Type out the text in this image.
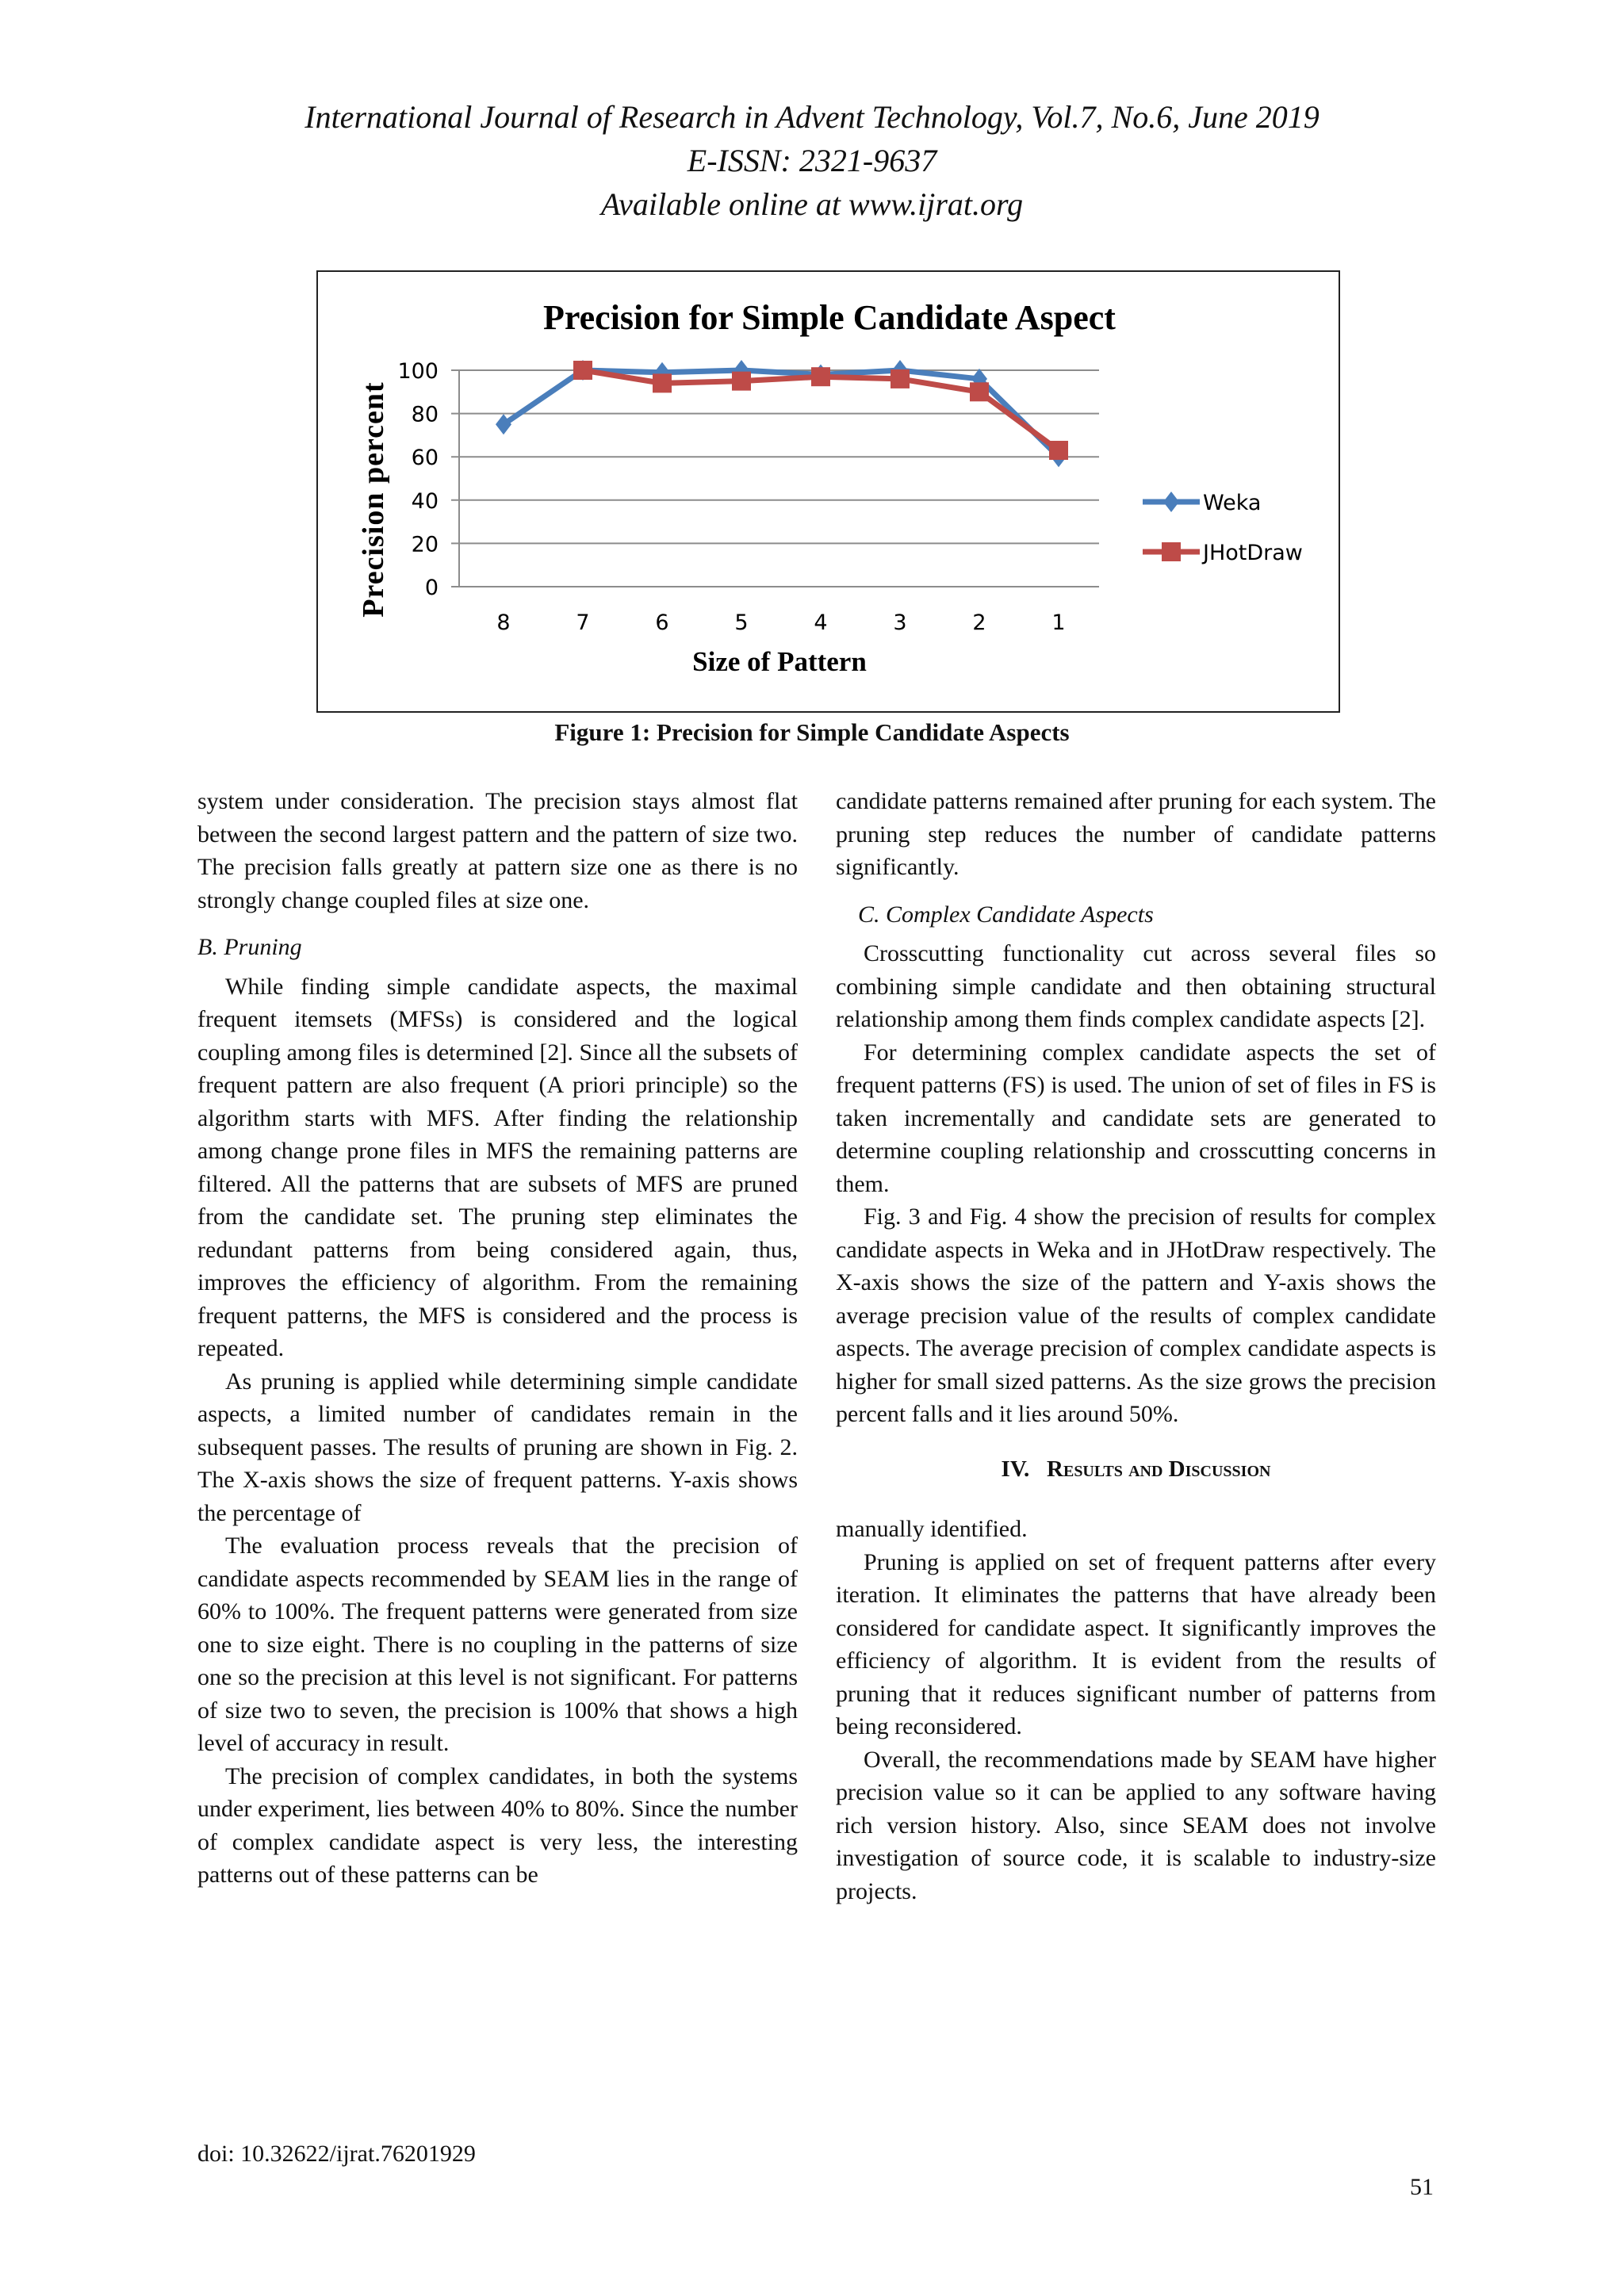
International Journal of Research in Advent Technology, Vol.7, No.6, June 2019
E-ISSN: 2321-9637
Available online at www.ijrat.org
Precision for Simple Candidate Aspect
0
20
40
60
80
100
8	7	6	5	4	3	2	1
Size of Pattern
Precision percent	Weka
JHotDraw
Figure 1: Precision for Simple Candidate Aspects

system under consideration. The precision stays almost flat between the second largest pattern and the pattern of size two. The precision falls greatly at pattern size one as there is no strongly change coupled files at size one.

B. Pruning

While finding simple candidate aspects, the maximal frequent itemsets (MFSs) is considered and the logical coupling among files is determined [2]. Since all the subsets of frequent pattern are also frequent (A priori principle) so the algorithm starts with MFS. After finding the relationship among change prone files in MFS the remaining patterns are filtered. All the patterns that are subsets of MFS are pruned from the candidate set. The pruning step eliminates the redundant patterns from being considered again, thus, improves the efficiency of algorithm. From the remaining frequent patterns, the MFS is considered and the process is repeated.

As pruning is applied while determining simple candidate aspects, a limited number of candidates remain in the subsequent passes. The results of pruning are shown in Fig. 2. The X-axis shows the size of frequent patterns. Y-axis shows the percentage of

The evaluation process reveals that the precision of candidate aspects recommended by SEAM lies in the range of 60% to 100%. The frequent patterns were generated from size one to size eight. There is no coupling in the patterns of size one so the precision at this level is not significant. For patterns of size two to seven, the precision is 100% that shows a high level of accuracy in result.

The precision of complex candidates, in both the systems under experiment, lies between 40% to 80%. Since the number of complex candidate aspect is very less, the interesting patterns out of these patterns can be

candidate patterns remained after pruning for each system. The pruning step reduces the number of candidate patterns significantly.

C. Complex Candidate Aspects

Crosscutting functionality cut across several files so combining simple candidate and then obtaining structural relationship among them finds complex candidate aspects [2].

For determining complex candidate aspects the set of frequent patterns (FS) is used. The union of set of files in FS is taken incrementally and candidate sets are generated to determine coupling relationship and crosscutting concerns in them.

Fig. 3 and Fig. 4 show the precision of results for complex candidate aspects in Weka and in JHotDraw respectively. The X-axis shows the size of the pattern and Y-axis shows the average precision value of the results of complex candidate aspects. The average precision of complex candidate aspects is higher for small sized patterns. As the size grows the precision percent falls and it lies around 50%.

IV. Results and Discussion

manually identified.

Pruning is applied on set of frequent patterns after every iteration. It eliminates the patterns that have already been considered for candidate aspect. It significantly improves the efficiency of algorithm. It is evident from the results of pruning that it reduces significant number of patterns from being reconsidered.

Overall, the recommendations made by SEAM have higher precision value so it can be applied to any software having rich version history. Also, since SEAM does not involve investigation of source code, it is scalable to industry-size projects.

doi: 10.32622/ijrat.76201929
51
